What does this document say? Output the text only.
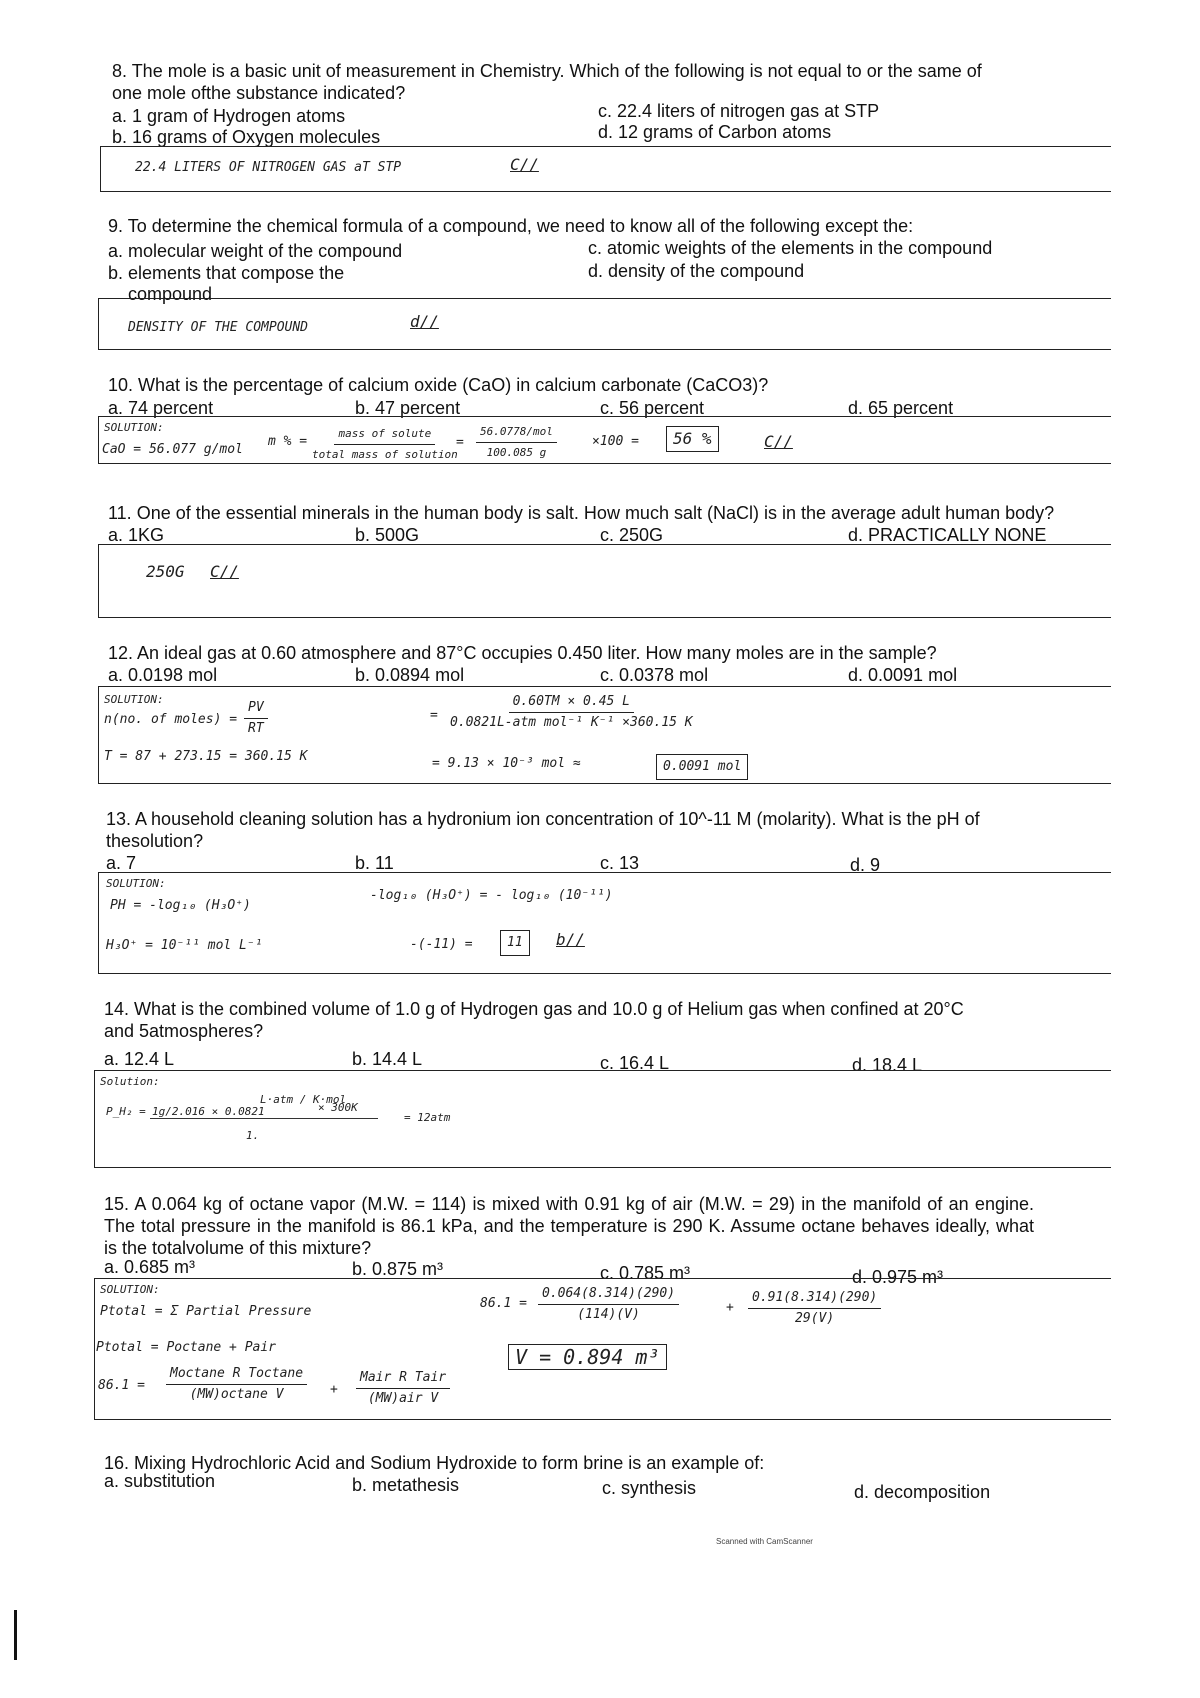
8. The mole is a basic unit of measurement in Chemistry. Which of the following is not equal to or the same of one mole ofthe substance indicated?
a. 1 gram of Hydrogen atoms
b. 16 grams of Oxygen molecules
c. 22.4 liters of nitrogen gas at STP
d. 12 grams of Carbon atoms
22.4 LITERS OF NITROGEN GAS aT STP	C//
9. To determine the chemical formula of a compound, we need to know all of the following except the:
a. molecular weight of the compound
b. elements that compose the
compound
c. atomic weights of the elements in the compound
d. density of the compound
DENSITY OF THE COMPOUND	d//
10. What is the percentage of calcium oxide (CaO) in calcium carbonate (CaCO3)?
a. 74 percent	b. 47 percent	c. 56 percent	d. 65 percent
SOLUTION:
CaO = 56.077 g/mol
m % =
mass of solute
total mass of solution
=
56.0778/mol
100.085 g
×100 =	56 %	C//
11. One of the essential minerals in the human body is salt. How much salt (NaCl) is in the average adult human body?
a. 1KG	b. 500G	c. 250G	d. PRACTICALLY NONE
250G C//
12. An ideal gas at 0.60 atmosphere and 87°C occupies 0.450 liter. How many moles are in the sample?
a. 0.0198 mol	b. 0.0894 mol	c. 0.0378 mol	d. 0.0091 mol
SOLUTION:
n(no. of moles) = $\frac{PV}{RT}$	=
0.60TM × 0.45 L
0.0821L-atm mol⁻¹ K⁻¹ ×360.15 K
T = 87 + 273.15 = 360.15 K	= 9.13 × 10⁻³ mol ≈	0.0091 mol
13. A household cleaning solution has a hydronium ion concentration of 10^-11 M (molarity). What is the pH of thesolution?
a. 7	b. 11	c. 13	d. 9
SOLUTION:
PH = -log₁₀ (H₃O⁺)
H₃O⁺ = 10⁻¹¹ mol L⁻¹
-log₁₀ (H₃O⁺) = - log₁₀ (10⁻¹¹)
-(-11) =	11	b//
14. What is the combined volume of 1.0 g of Hydrogen gas and 10.0 g of Helium gas when confined at 20°C and 5atmospheres?
a. 12.4 L	b. 14.4 L	c. 16.4 L	d. 18.4 L
Solution:
P_H₂ = 1g/2.016 × 0.0821
L·atm / K·mol
× 300K
1.
= 12atm
15. A 0.064 kg of octane vapor (M.W. = 114) is mixed with 0.91 kg of air (M.W. = 29) in the manifold of an engine. The total pressure in the manifold is 86.1 kPa, and the temperature is 290 K. Assume octane behaves ideally, what is the totalvolume of this mixture?
a. 0.685 m³	b. 0.875 m³	c. 0.785 m³	d. 0.975 m³
SOLUTION:
Ptotal = Σ Partial Pressure
Ptotal = Poctane + Pair
86.1 =
Moctane R Toctane
(MW)octane V	+
Mair R Tair
(MW)air V
$86.1 = \frac{0.064(8.314)(290)}{(114)(V)}$	+ $\frac{0.91(8.314)(290)}{29(V)}$
V = 0.894 m³
16. Mixing Hydrochloric Acid and Sodium Hydroxide to form brine is an example of:
a. substitution	b. metathesis	c. synthesis	d. decomposition
Scanned with CamScanner
